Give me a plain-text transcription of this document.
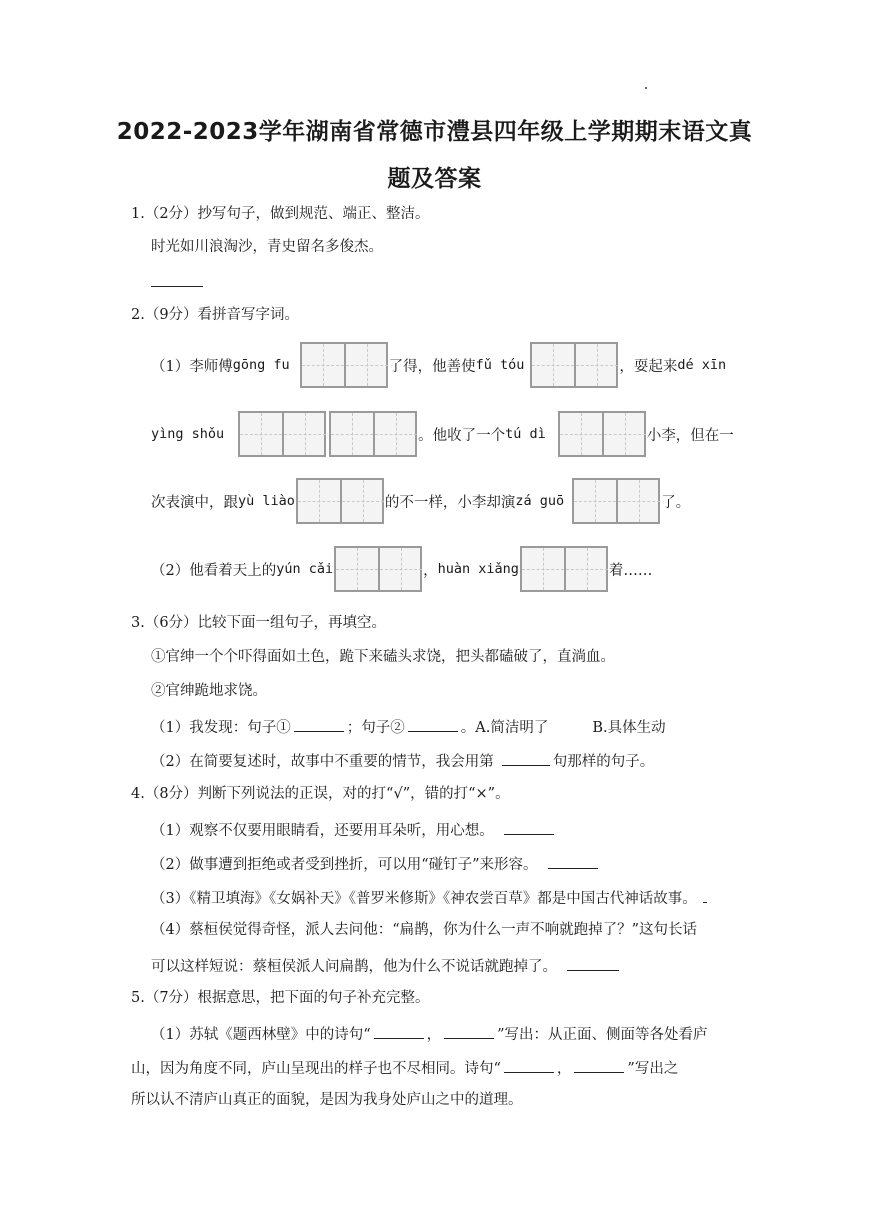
2022-2023学年湖南省常德市澧县四年级上学期期末语文真
题及答案
1.（2分）抄写句子，做到规范、端正、整洁。
时光如川浪淘沙，青史留名多俊杰。
2.（9分）看拼音写字词。
（1）李师傅 gōng fu	了得，他善使 fǔ tóu	，耍起来 dé xīn
yìng shǒu	。他收了一个 tú dì	小李，但在一
次表演中，跟 yù liào	的不一样，小李却演 zá guō	了。
（2）他看着天上的 yún cǎi	， huàn xiǎng	着……
3.（6分）比较下面一组句子，再填空。
①官绅一个个吓得面如土色，跪下来磕头求饶，把头都磕破了，直淌血。
②官绅跪地求饶。
（1）我发现：句子①	；句子②	。A.简洁明了	B.具体生动
（2）在简要复述时，故事中不重要的情节，我会用第	句那样的句子。
4.（8分）判断下列说法的正误，对的打“√”，错的打“×”。
（1）观察不仅要用眼睛看，还要用耳朵听，用心想。
（2）做事遭到拒绝或者受到挫折，可以用“碰钉子”来形容。
（3）《精卫填海》《女娲补天》《普罗米修斯》《神农尝百草》都是中国古代神话故事。
（4）蔡桓侯觉得奇怪，派人去问他：“扁鹊，你为什么一声不响就跑掉了？”这句长话
可以这样短说：蔡桓侯派人问扁鹊，他为什么不说话就跑掉了。
5.（7分）根据意思，把下面的句子补充完整。
（1）苏轼《题西林壁》中的诗句“	，	”写出：从正面、侧面等各处看庐
山，因为角度不同，庐山呈现出的样子也不尽相同。诗句“	，	”写出之
所以认不清庐山真正的面貌，是因为我身处庐山之中的道理。
